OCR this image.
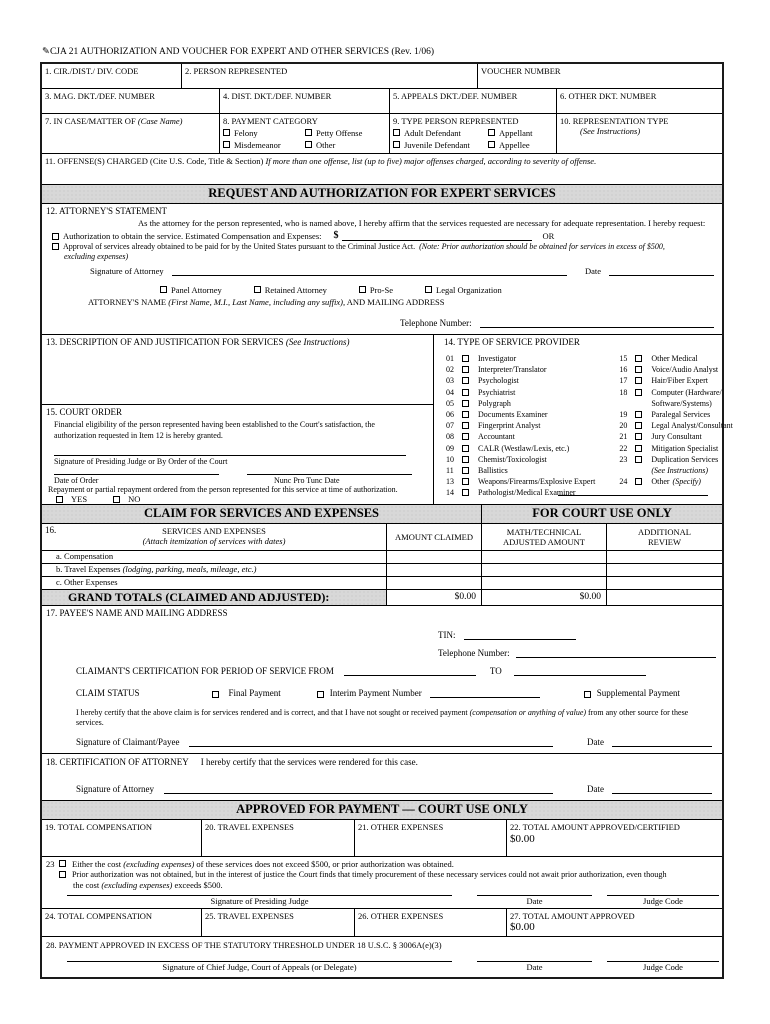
✎CJA 21 AUTHORIZATION AND VOUCHER FOR EXPERT AND OTHER SERVICES (Rev. 1/06)
1. CIR./DIST./ DIV. CODE	2. PERSON REPRESENTED	VOUCHER NUMBER
3. MAG. DKT./DEF. NUMBER	4. DIST. DKT./DEF. NUMBER	5. APPEALS DKT./DEF. NUMBER	6. OTHER DKT. NUMBER
7. IN CASE/MATTER OF (Case Name)	8. PAYMENT CATEGORY
Felony	Petty Offense
Misdemeanor	Other
9. TYPE PERSON REPRESENTED
Adult Defendant	Appellant
Juvenile Defendant	Appellee
10. REPRESENTATION TYPE
(See Instructions)
11. OFFENSE(S) CHARGED (Cite U.S. Code, Title & Section) If more than one offense, list (up to five) major offenses charged, according to severity of offense.
REQUEST AND AUTHORIZATION FOR EXPERT SERVICES
12. ATTORNEY'S STATEMENT
As the attorney for the person represented, who is named above, I hereby affirm that the services requested are necessary for adequate representation. I hereby request:
Authorization to obtain the service. Estimated Compensation and Expenses: $	OR
Approval of services already obtained to be paid for by the United States pursuant to the Criminal Justice Act. (Note: Prior authorization should be obtained for services in excess of $500,
excluding expenses)
Signature of Attorney	Date
Panel Attorney	Retained Attorney	Pro-Se	Legal Organization
ATTORNEY'S NAME (First Name, M.I., Last Name, including any suffix), AND MAILING ADDRESS
Telephone Number:
13. DESCRIPTION OF AND JUSTIFICATION FOR SERVICES (See Instructions)
15. COURT ORDER
Financial eligibility of the person represented having been established to the Court's satisfaction, the authorization requested in Item 12 is hereby granted.
Signature of Presiding Judge or By Order of the Court
Date of Order	Nunc Pro Tunc Date
Repayment or partial repayment ordered from the person represented for this service at time of authorization.
YES	NO
14. TYPE OF SERVICE PROVIDER
01	Investigator
02	Interpreter/Translator
03	Psychologist
04	Psychiatrist
05	Polygraph
06	Documents Examiner
07	Fingerprint Analyst
08	Accountant
09	CALR (Westlaw/Lexis, etc.)
10	Chemist/Toxicologist
11	Ballistics
13	Weapons/Firearms/Explosive Expert
14	Pathologist/Medical Examiner
15	Other Medical
16	Voice/Audio Analyst
17	Hair/Fiber Expert
18	Computer (Hardware/
Software/Systems)
19	Paralegal Services
20	Legal Analyst/Consultant
21	Jury Consultant
22	Mitigation Specialist
23	Duplication Services
(See Instructions)
24	Other (Specify)
CLAIM FOR SERVICES AND EXPENSES	FOR COURT USE ONLY
16.	SERVICES AND EXPENSES
(Attach itemization of services with dates)	AMOUNT CLAIMED	MATH/TECHNICAL
ADJUSTED AMOUNT
ADDITIONAL
REVIEW
a. Compensation
b. Travel Expenses (lodging, parking, meals, mileage, etc.)
c. Other Expenses
GRAND TOTALS (CLAIMED AND ADJUSTED):	$0.00	$0.00
17. PAYEE'S NAME AND MAILING ADDRESS
TIN:
Telephone Number:
CLAIMANT'S CERTIFICATION FOR PERIOD OF SERVICE FROM	TO
CLAIM STATUS	Final Payment	Interim Payment Number	Supplemental Payment
I hereby certify that the above claim is for services rendered and is correct, and that I have not sought or received payment (compensation or anything of value) from any other source for these
services.
Signature of Claimant/Payee	Date
18. CERTIFICATION OF ATTORNEY I hereby certify that the services were rendered for this case.
Signature of Attorney	Date
APPROVED FOR PAYMENT — COURT USE ONLY
19. TOTAL COMPENSATION	20. TRAVEL EXPENSES	21. OTHER EXPENSES	22. TOTAL AMOUNT APPROVED/CERTIFIED
$0.00
23	Either the cost (excluding expenses) of these services does not exceed $500, or prior authorization was obtained.
Prior authorization was not obtained, but in the interest of justice the Court finds that timely procurement of these necessary services could not await prior authorization, even though
the cost (excluding expenses) exceeds $500.
Signature of Presiding Judge	Date	Judge Code
24. TOTAL COMPENSATION	25. TRAVEL EXPENSES	26. OTHER EXPENSES	27. TOTAL AMOUNT APPROVED
$0.00
28. PAYMENT APPROVED IN EXCESS OF THE STATUTORY THRESHOLD UNDER 18 U.S.C. § 3006A(e)(3)
Signature of Chief Judge, Court of Appeals (or Delegate)	Date	Judge Code
